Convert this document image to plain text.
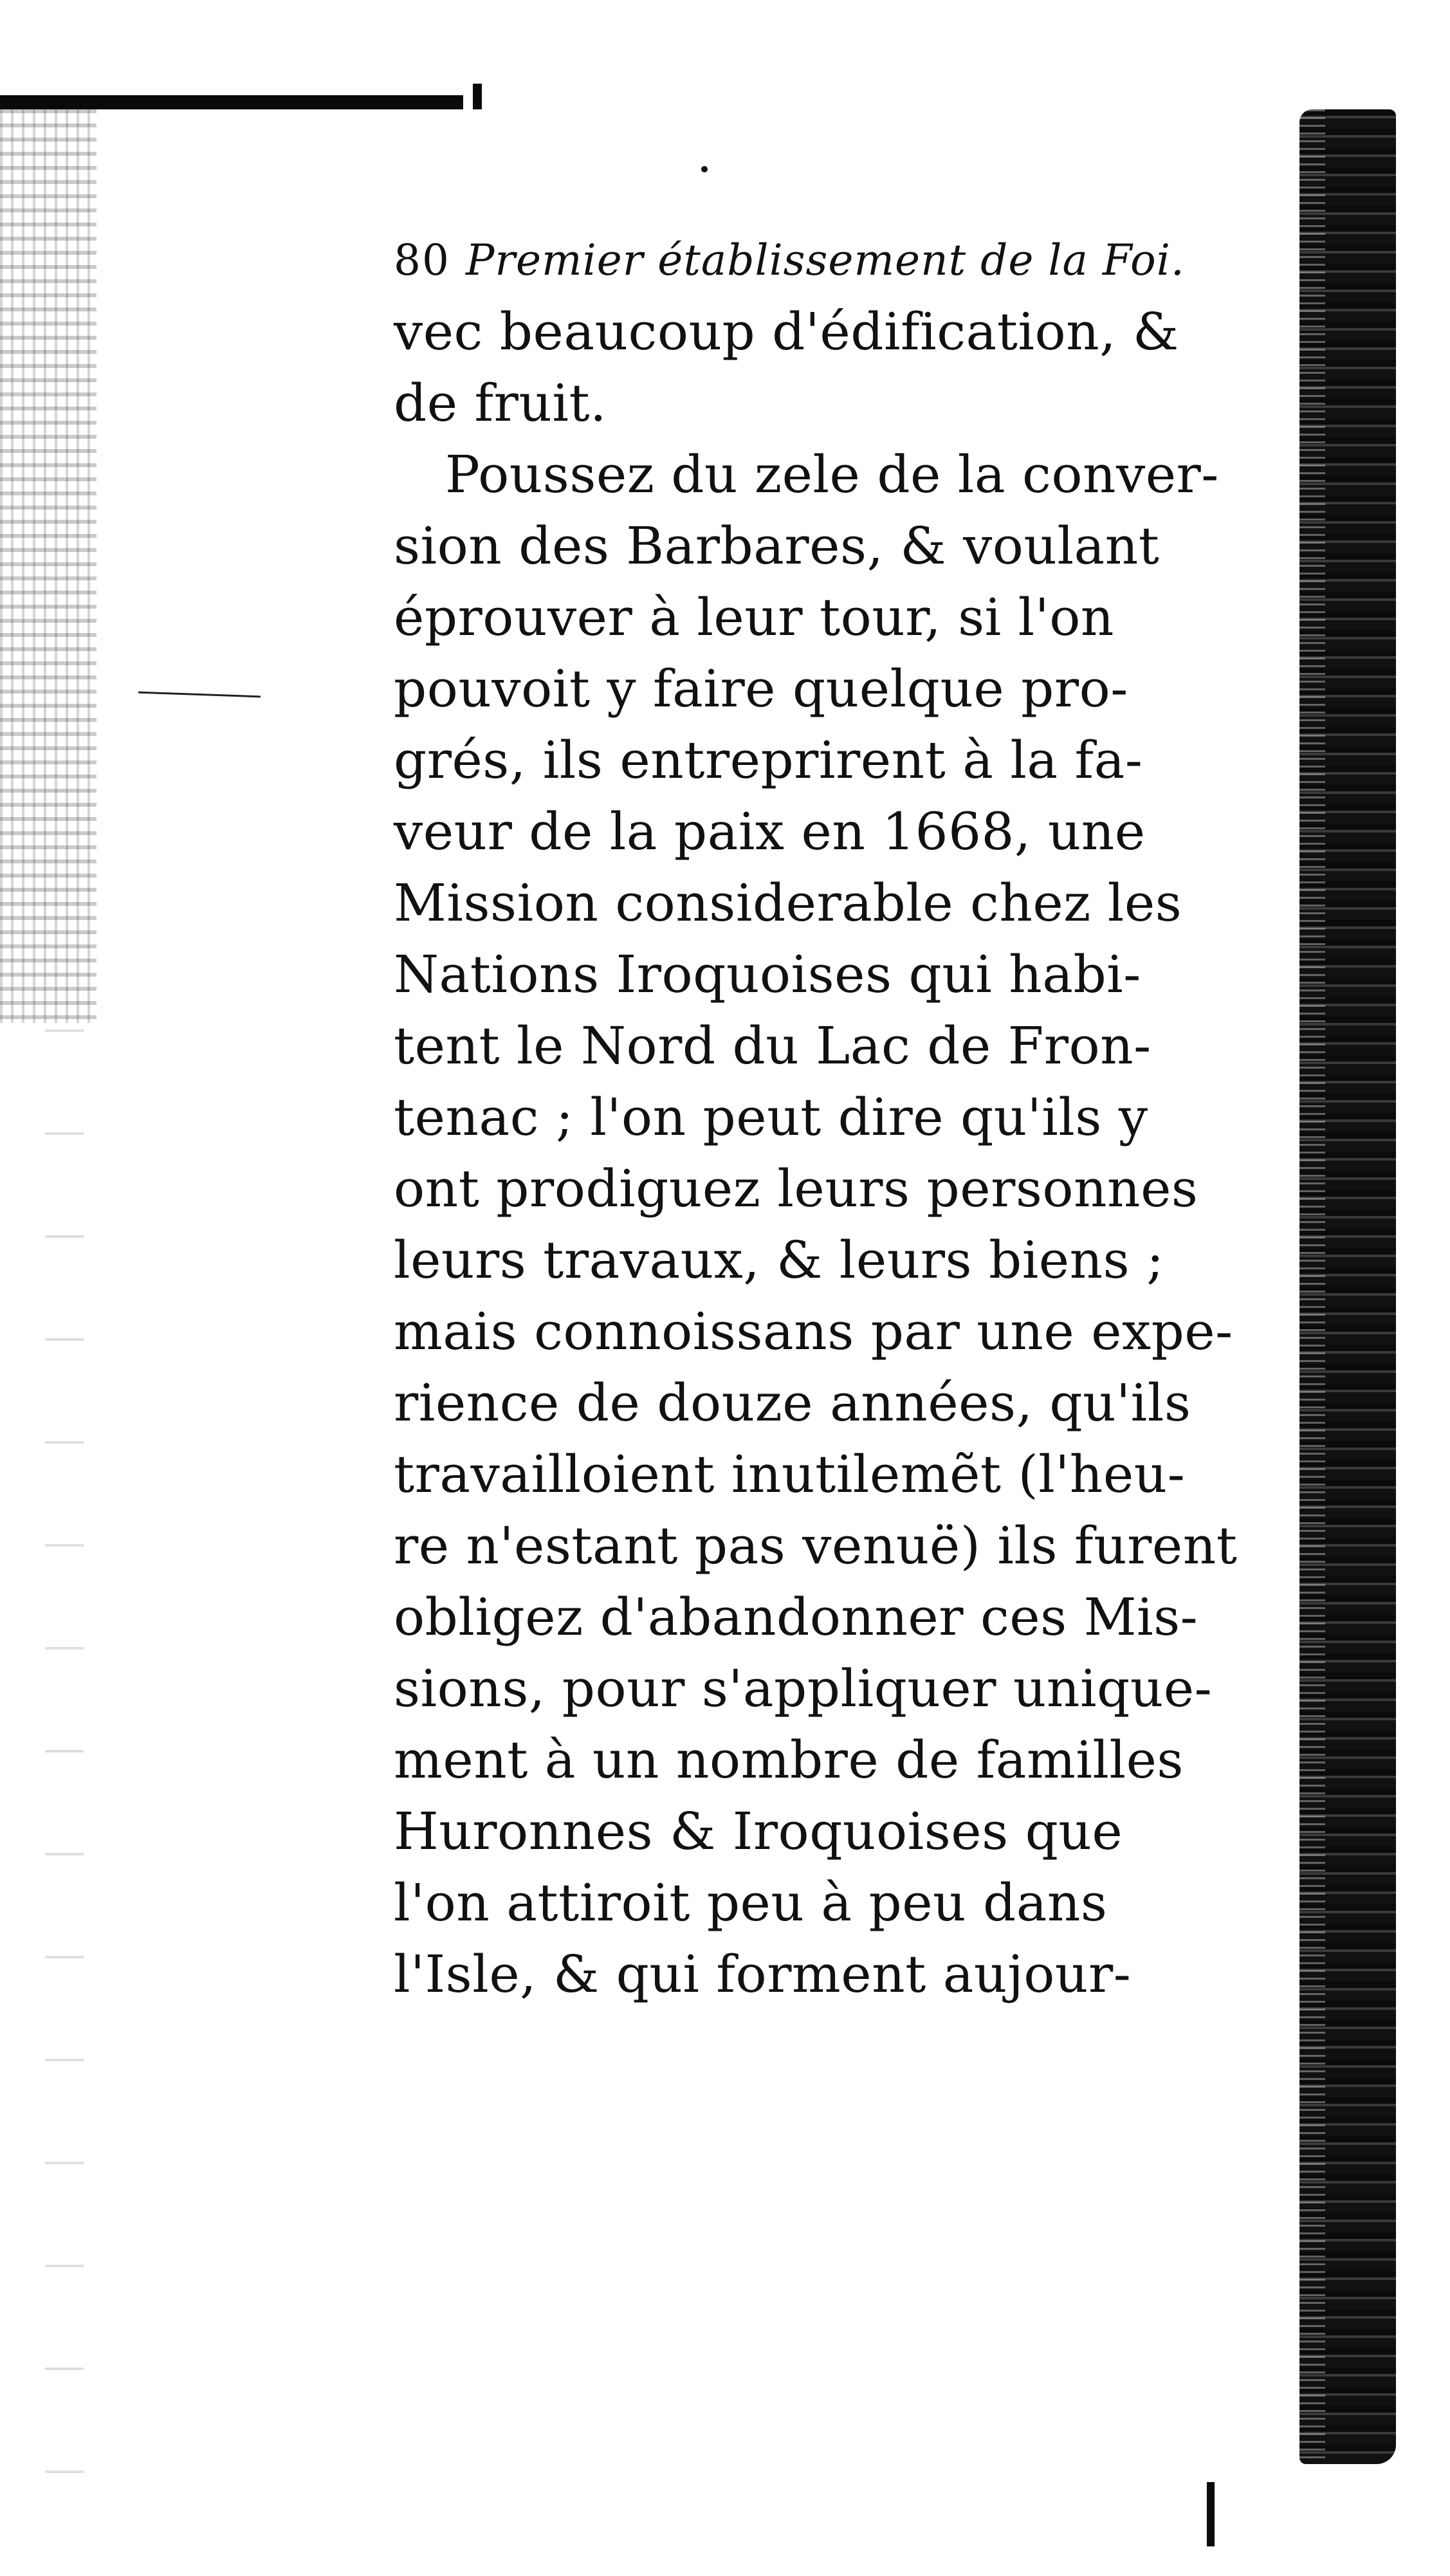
80 Premier établissement de la Foi.
vec beaucoup d'édification, &
de fruit.
Poussez du zele de la conver-
sion des Barbares, & voulant
éprouver à leur tour, si l'on
pouvoit y faire quelque pro-
grés, ils entreprirent à la fa-
veur de la paix en 1668, une
Mission considerable chez les
Nations Iroquoises qui habi-
tent le Nord du Lac de Fron-
tenac ; l'on peut dire qu'ils y
ont prodiguez leurs personnes
leurs travaux, & leurs biens ;
mais connoissans par une expe-
rience de douze années, qu'ils
travailloient inutilemẽt (l'heu-
re n'estant pas venuë) ils furent
obligez d'abandonner ces Mis-
sions, pour s'appliquer unique-
ment à un nombre de familles
Huronnes & Iroquoises que
l'on attiroit peu à peu dans
l'Isle, & qui forment aujour-
